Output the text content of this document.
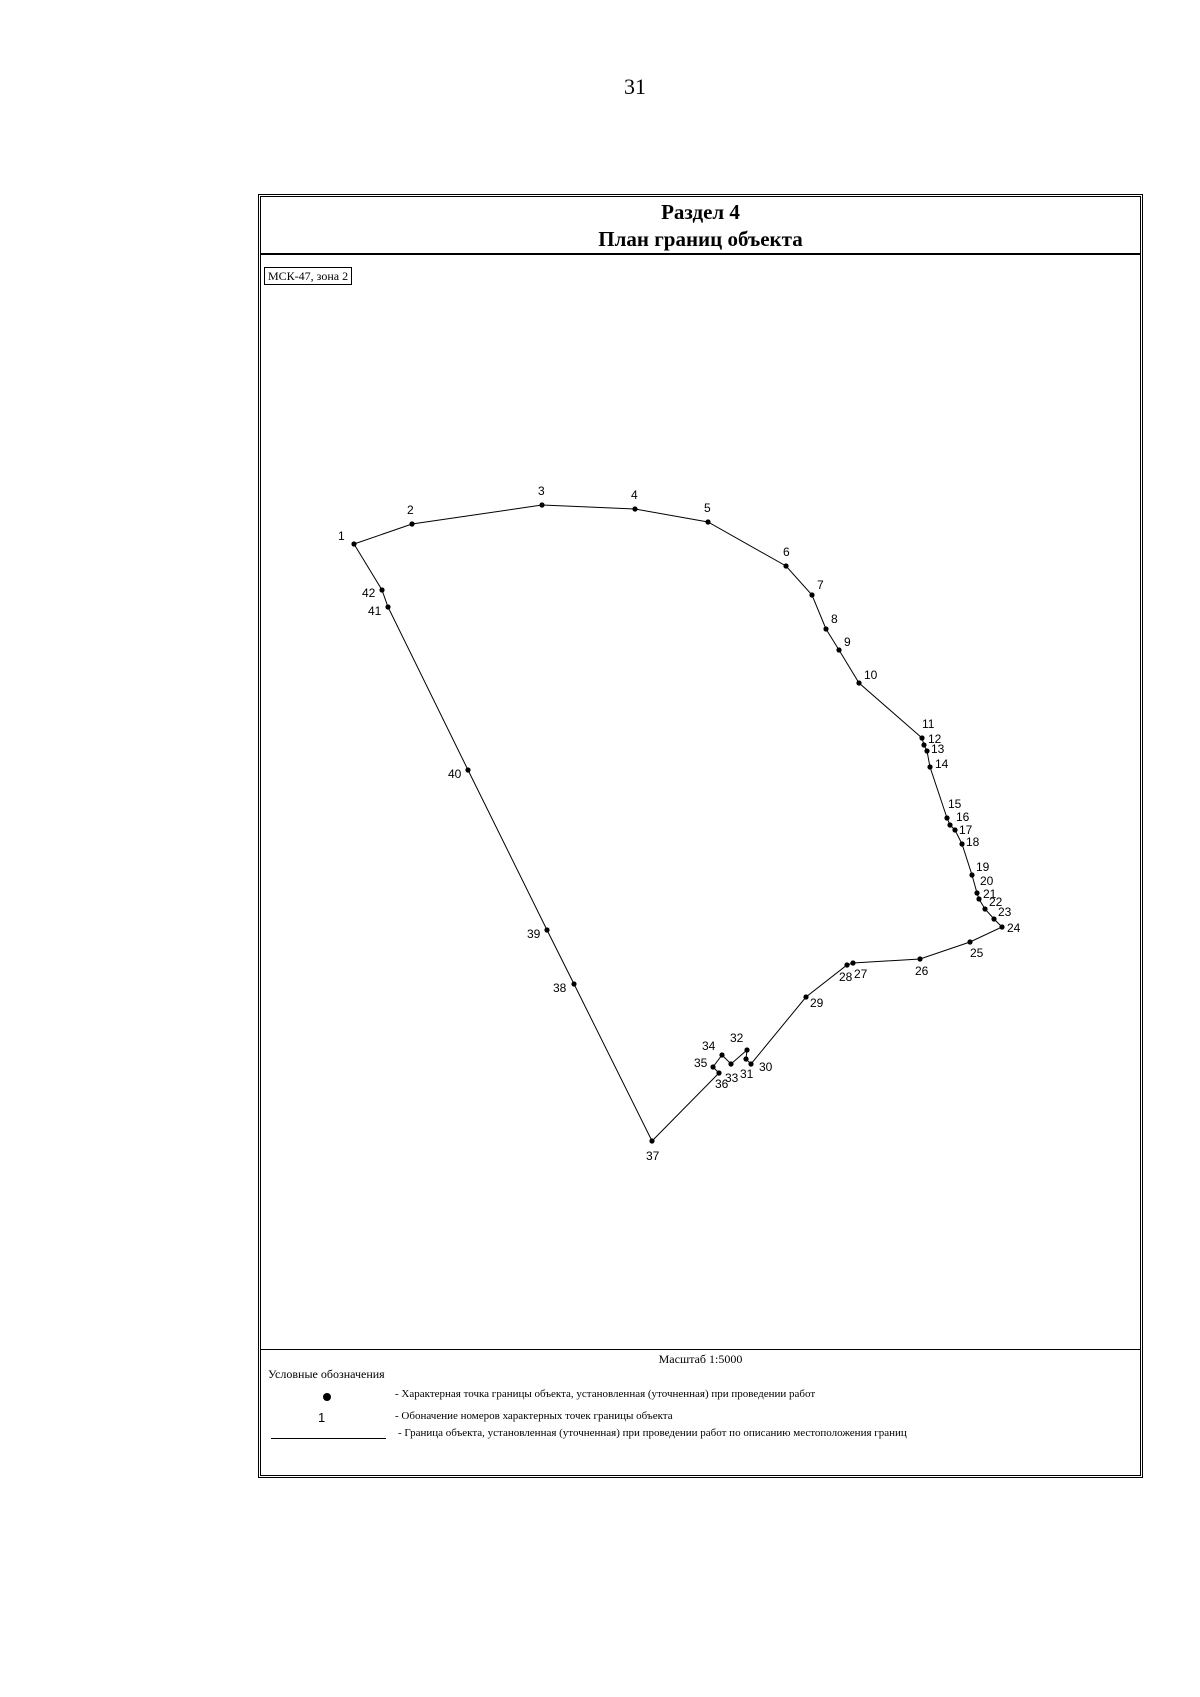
31
Раздел 4
План границ объекта
МСК-47, зона 2
1
2
3	4
5
6
7
8
9
10
11
12
13
14
15
16
17
18
19
20
21
22
23
24
25
26
27
28
29
30
31
32
33
34
35
36
37
38
39
40
41
42
Масштаб 1:5000
Условные обозначения
- Характерная точка границы объекта, установленная (уточненная) при проведении работ
1	- Обоначение номеров характерных точек границы объекта
- Граница объекта, установленная (уточненная) при проведении работ по описанию местоположения границ
